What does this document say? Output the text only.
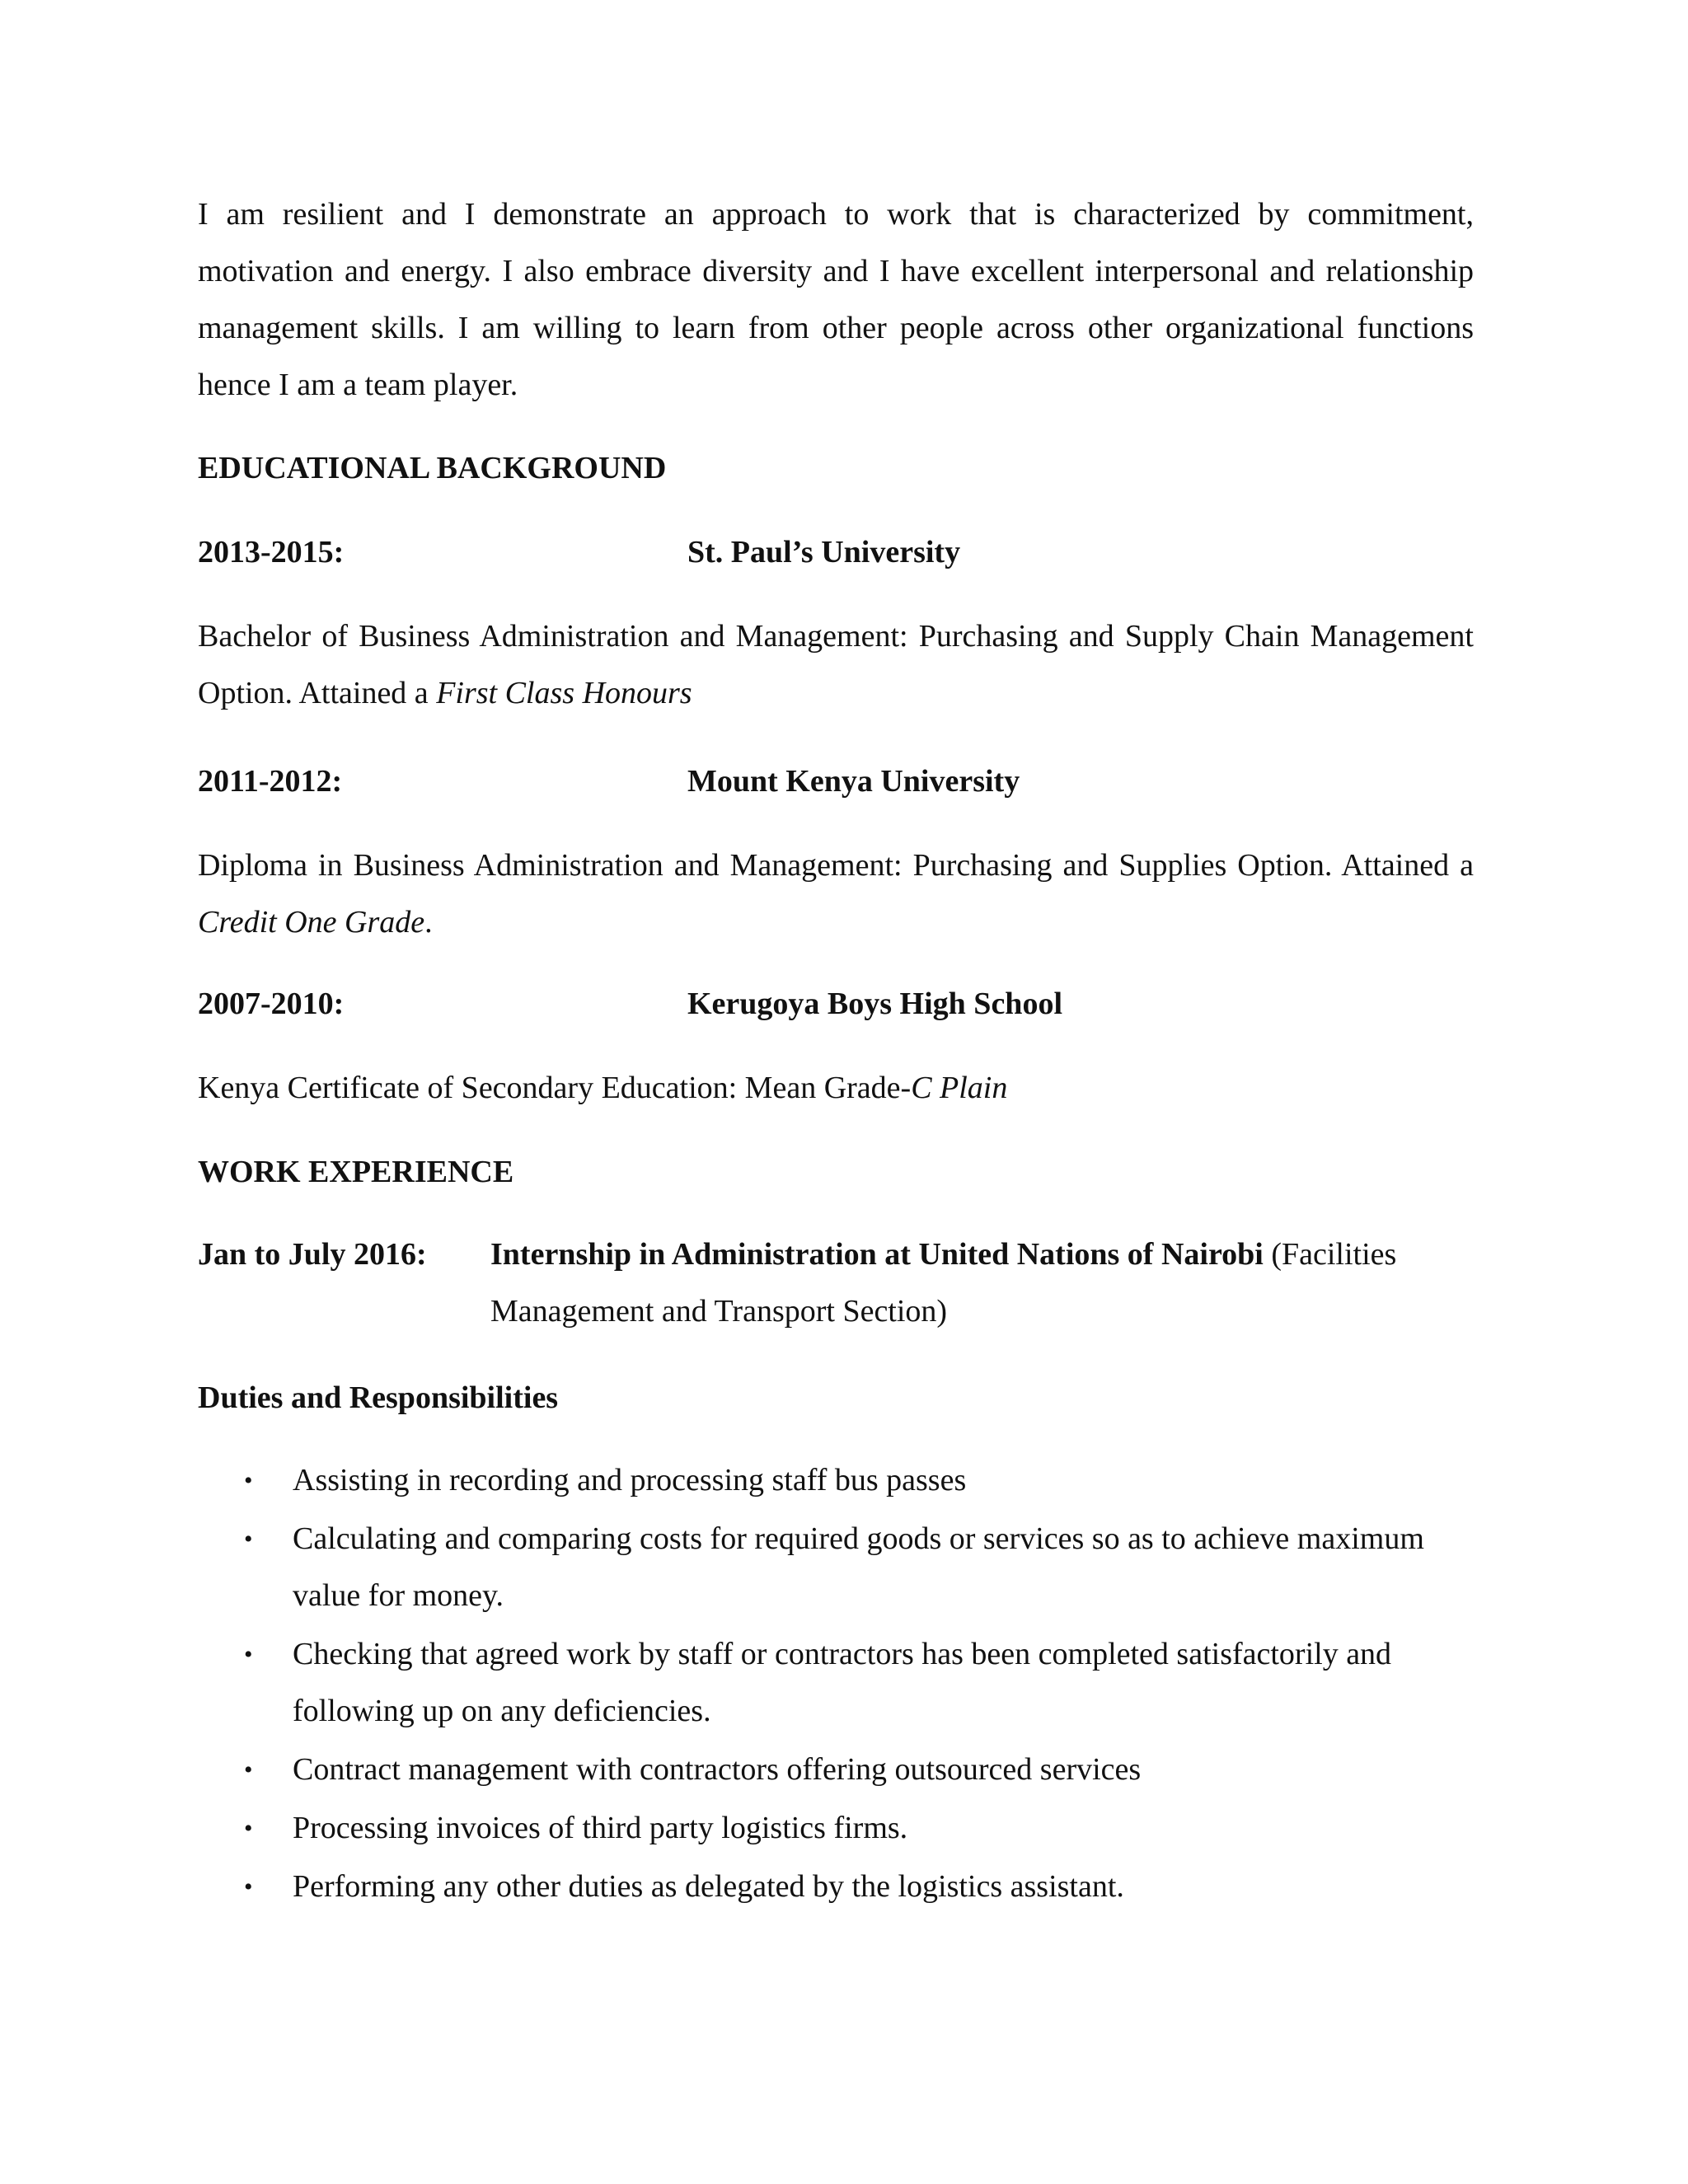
I am resilient and I demonstrate an approach to work that is characterized by commitment, motivation and energy. I also embrace diversity and I have excellent interpersonal and relationship management skills. I am willing to learn from other people across other organizational functions hence I am a team player.

EDUCATIONAL BACKGROUND
2013-2015:	St. Paul’s University

Bachelor of Business Administration and Management: Purchasing and Supply Chain Management Option. Attained a First Class Honours

2011-2012:	Mount Kenya University

Diploma in Business Administration and Management: Purchasing and Supplies Option. Attained a Credit One Grade.

2007-2010:	Kerugoya Boys High School

Kenya Certificate of Secondary Education: Mean Grade-C Plain

WORK EXPERIENCE
Jan to July 2016: Internship in Administration at United Nations of Nairobi (Facilities Management and Transport Section)
Duties and Responsibilities
• Assisting in recording and processing staff bus passes
• Calculating and comparing costs for required goods or services so as to achieve maximum value for money.
• Checking that agreed work by staff or contractors has been completed satisfactorily and following up on any deficiencies.
• Contract management with contractors offering outsourced services
• Processing invoices of third party logistics firms.
• Performing any other duties as delegated by the logistics assistant.
